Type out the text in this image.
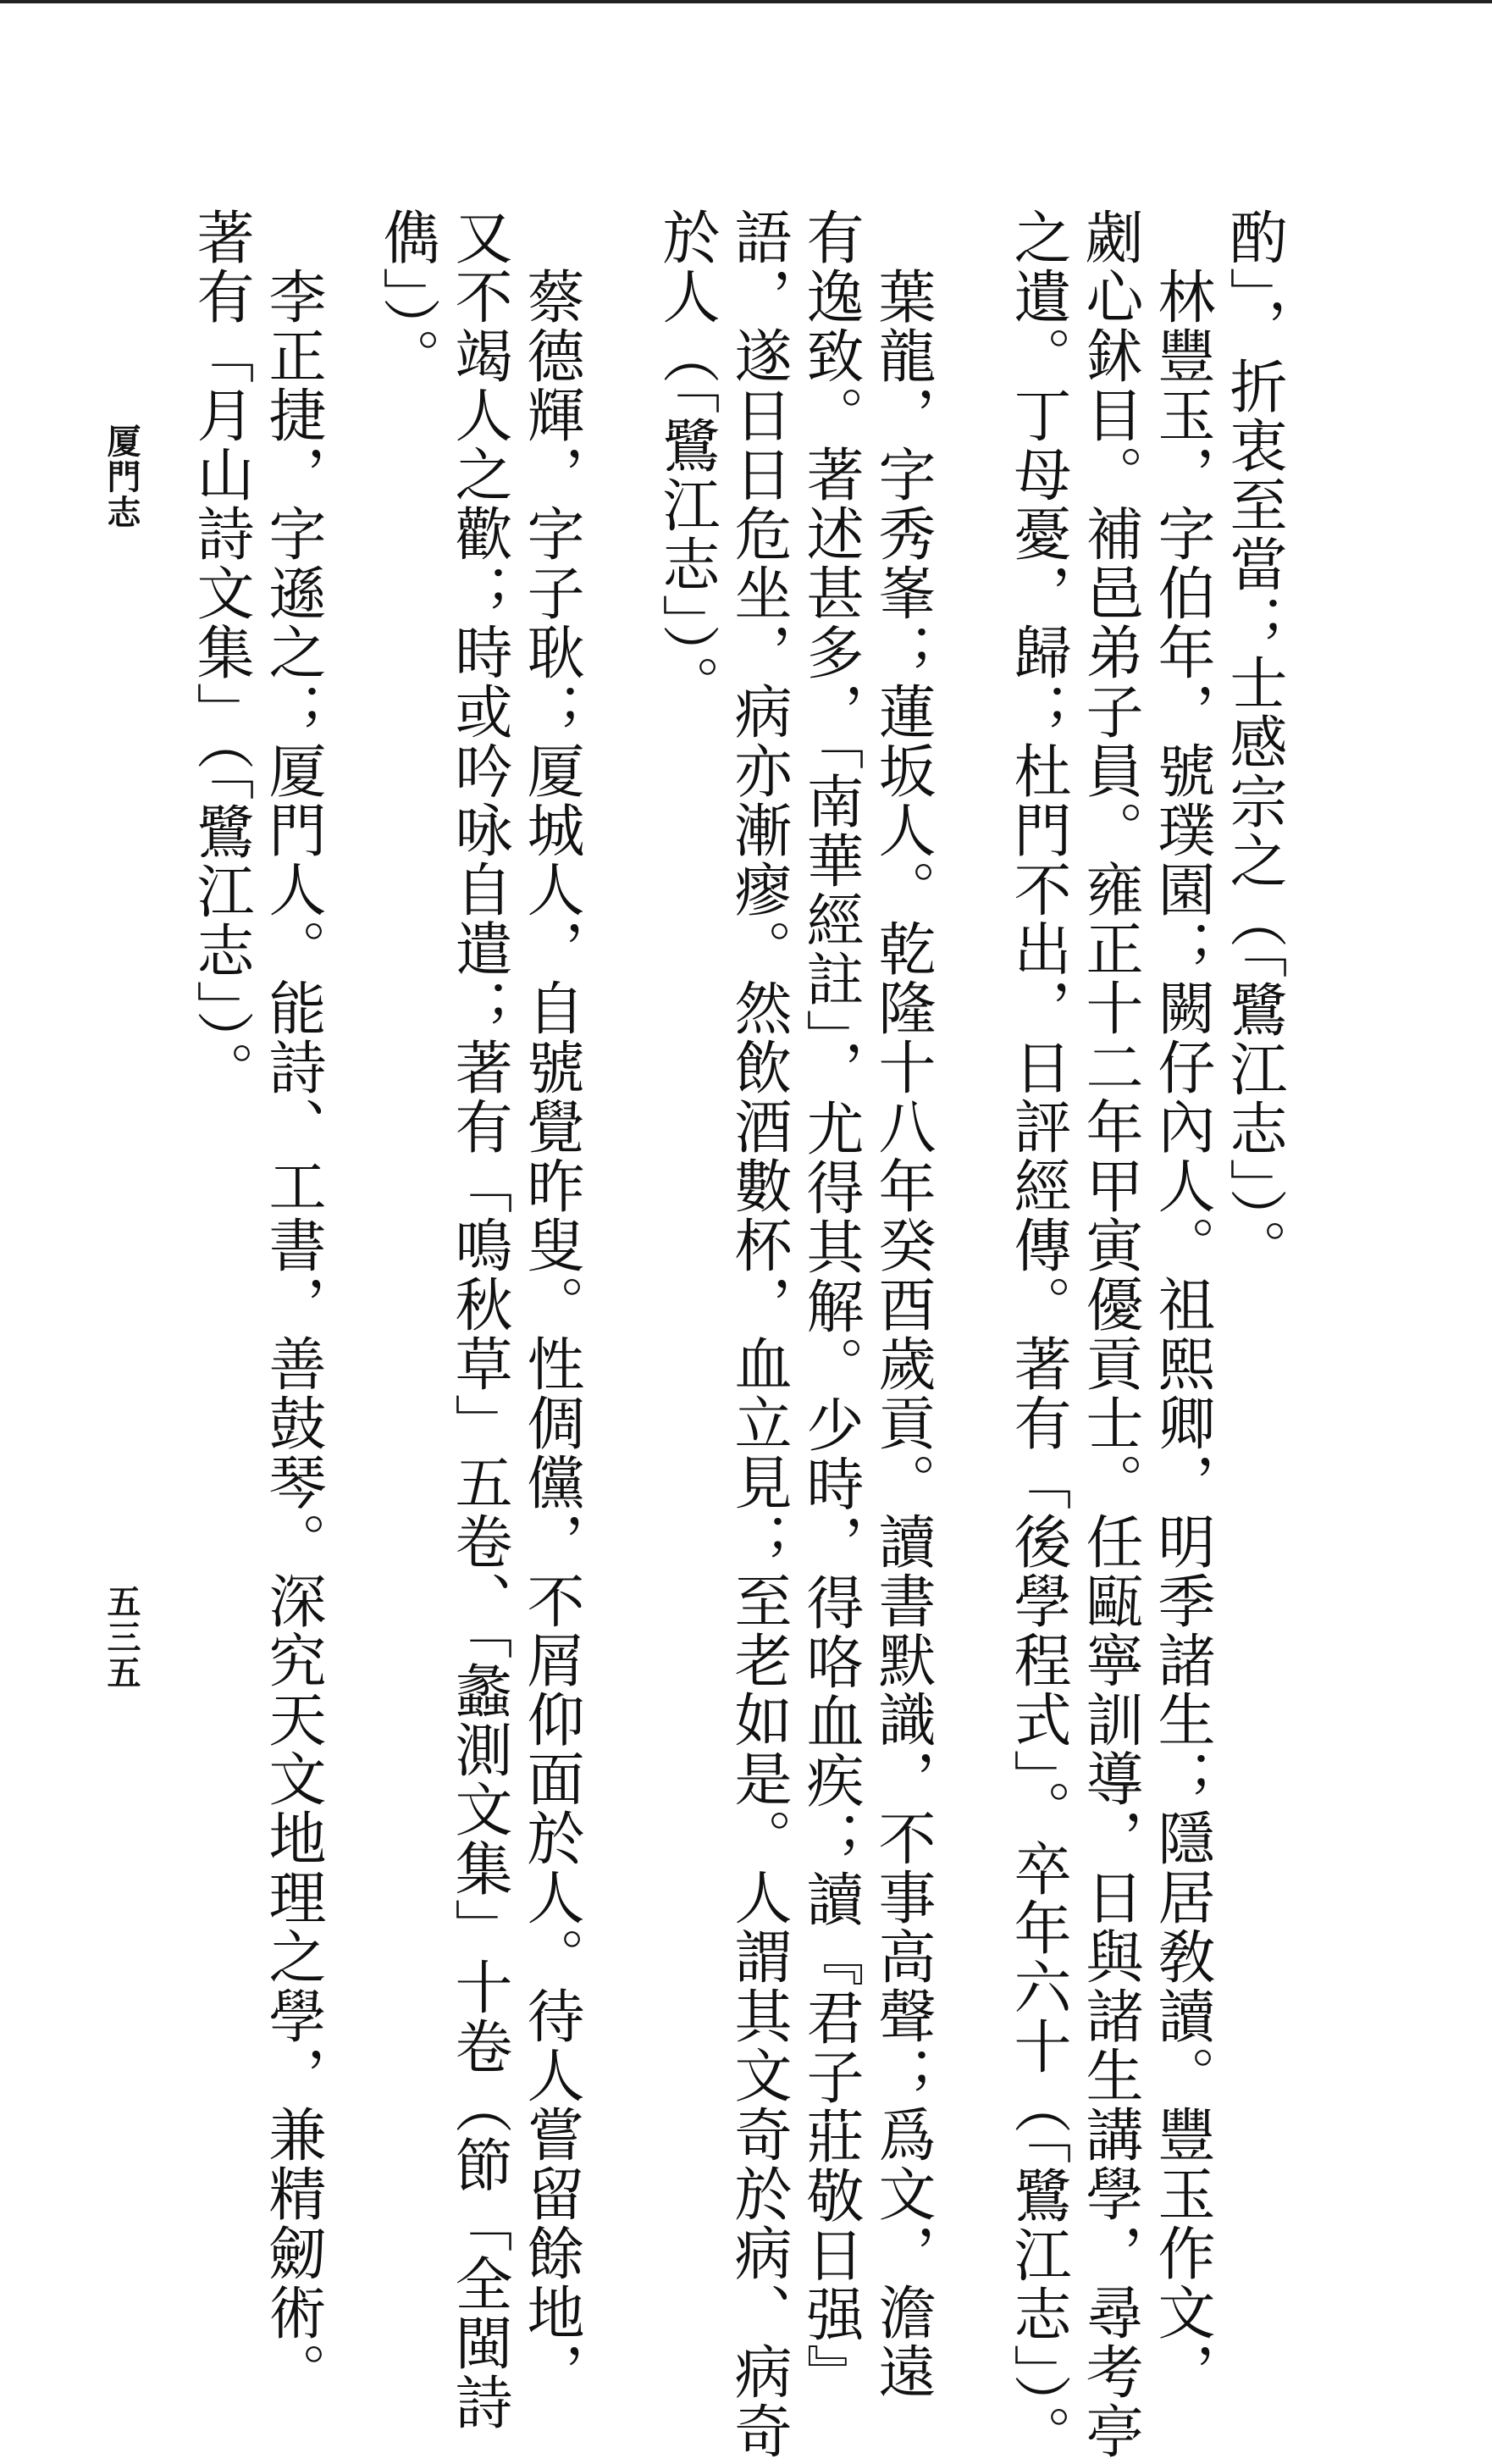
酌」，折衷至當；士感宗之（「鷺江志」）。
　林豐玉，字伯年，號璞園；闕仔內人。祖熙卿，明季諸生；隱居敎讀。豐玉作文，
劌心鉥目。補邑弟子員。雍正十二年甲寅優貢士。任甌寧訓導，日與諸生講學，尋考亭
之遺。丁母憂，歸；杜門不出，日評經傳。著有「後學程式」。卒年六十（「鷺江志」）。
　葉龍，字秀峯；蓮坂人。乾隆十八年癸酉歲貢。讀書默識，不事高聲；爲文，澹遠
有逸致。著述甚多，「南華經註」，尤得其解。少時，得咯血疾；讀『君子莊敬日强』
語，遂日日危坐，病亦漸瘳。然飲酒數杯，血立見；至老如是。人謂其文奇於病、病奇
於人（「鷺江志」）。
　蔡德輝，字子耿；厦城人，自號覺昨叟。性倜儻，不屑仰面於人。待人嘗留餘地，
又不竭人之歡；時或吟咏自遣；著有「鳴秋草」五卷、「蠡測文集」十卷（節「全閩詩
儁」）。
　李正捷，字遜之；厦門人。能詩、工書，善鼓琴。深究天文地理之學，兼精劒術。
著有「月山詩文集」（「鷺江志」）。
厦門志
五三五
